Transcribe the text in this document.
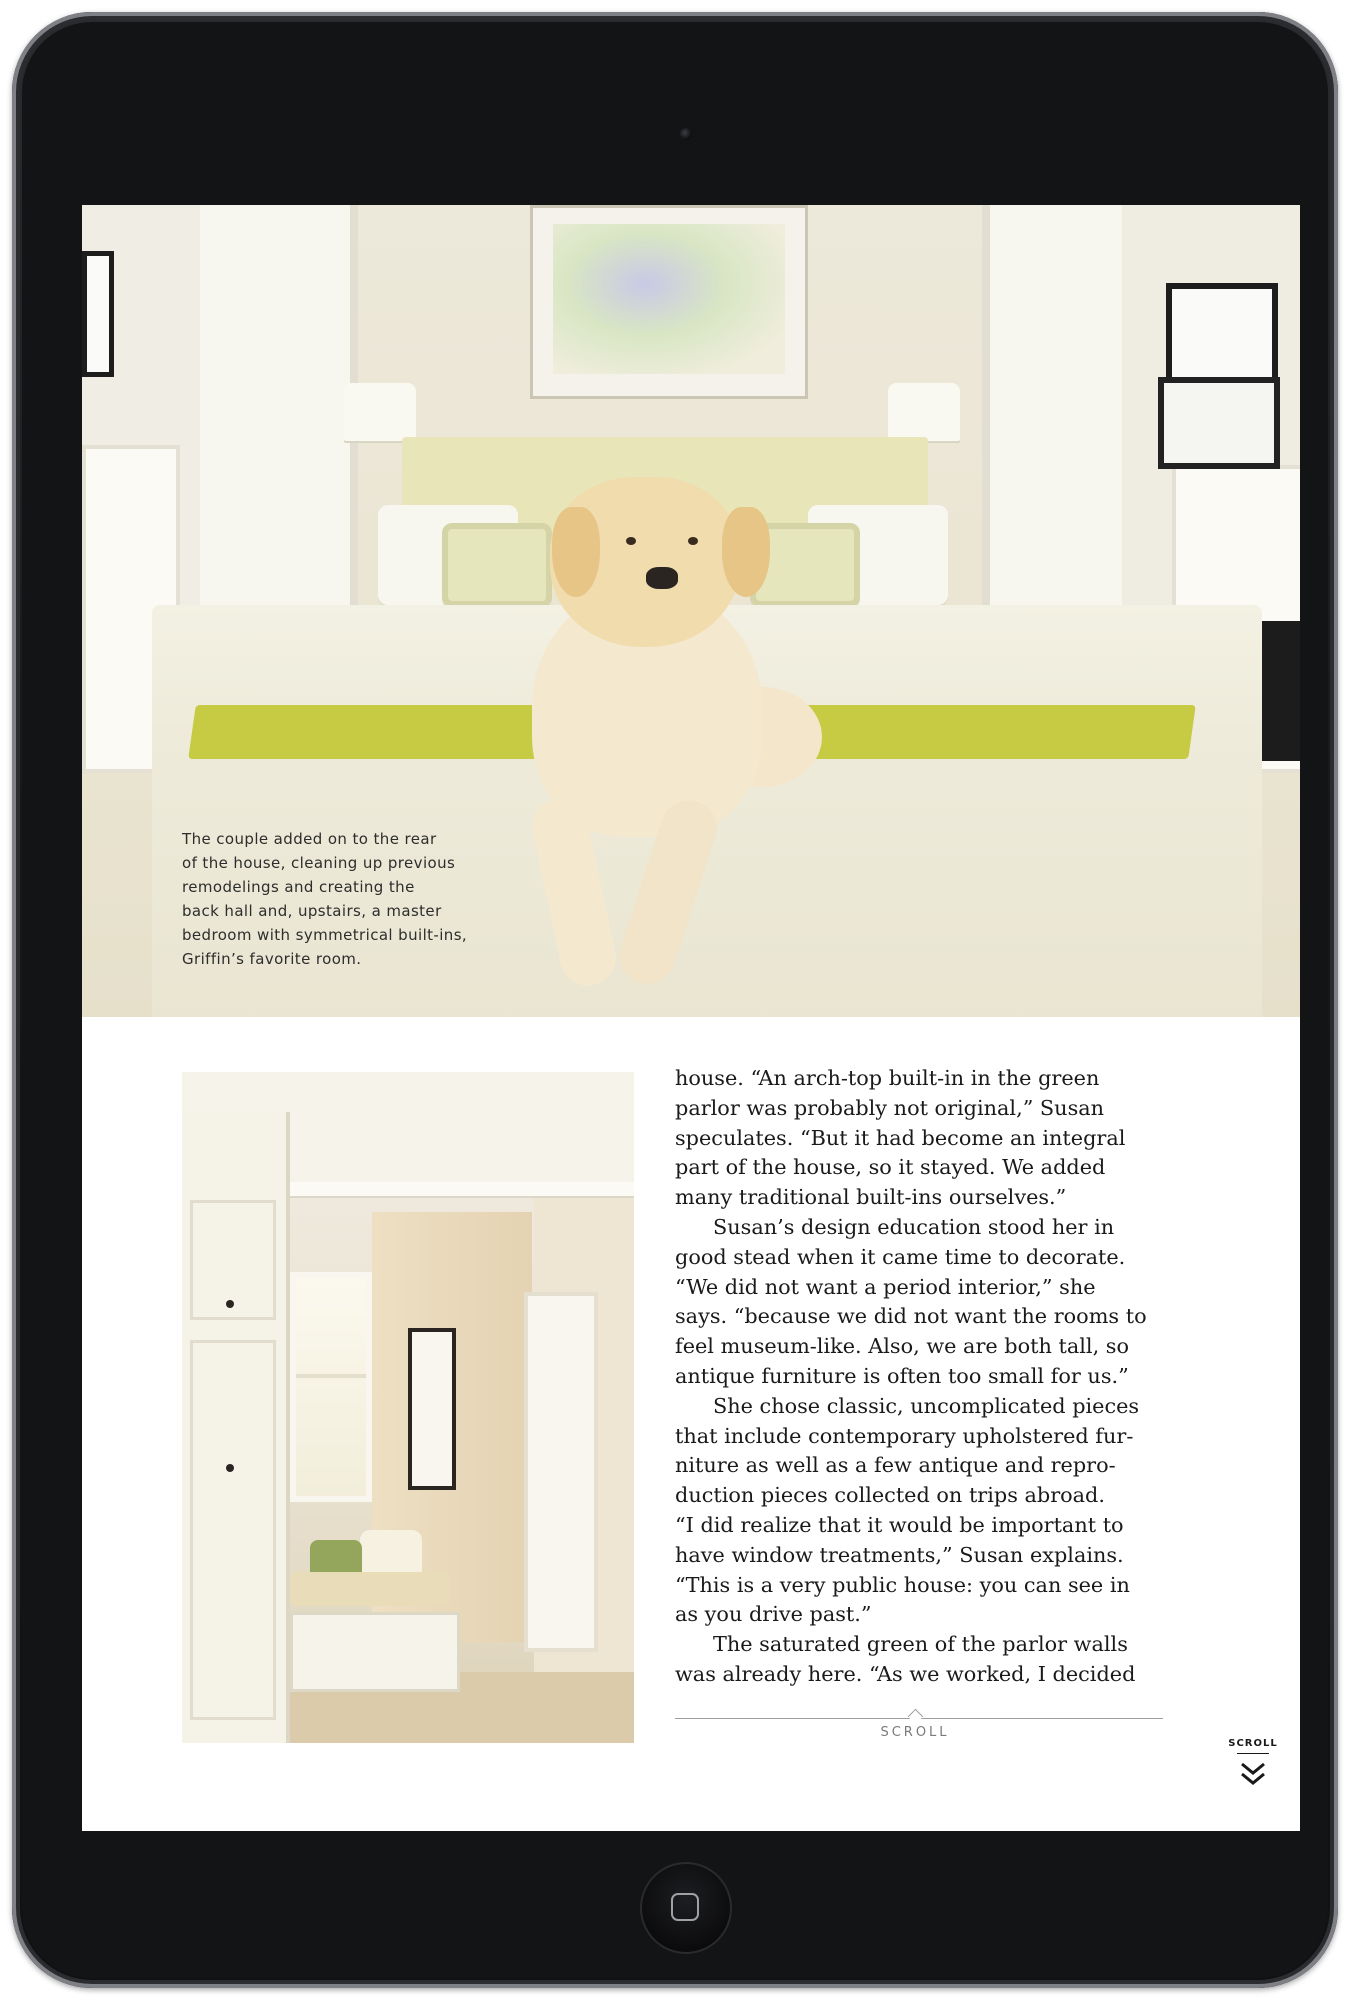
The couple added on to the rear
of the house, cleaning up previous
remodelings and creating the
back hall and, upstairs, a master
bedroom with symmetrical built-ins,
Griffin’s favorite room.

house. “An arch-top built-in in the green
parlor was probably not original,” Susan
speculates. “But it had become an integral
part of the house, so it stayed. We added
many traditional built-ins ourselves.”

Susan’s design education stood her in
good stead when it came time to decorate.
“We did not want a period interior,” she
says. “because we did not want the rooms to
feel museum-like. Also, we are both tall, so
antique furniture is often too small for us.”

She chose classic, uncomplicated pieces
that include contemporary upholstered fur-
niture as well as a few antique and repro-
duction pieces collected on trips abroad.
“I did realize that it would be important to
have window treatments,” Susan explains.
“This is a very public house: you can see in
as you drive past.”

The saturated green of the parlor walls
was already here. “As we worked, I decided

SCROLL
SCROLL
